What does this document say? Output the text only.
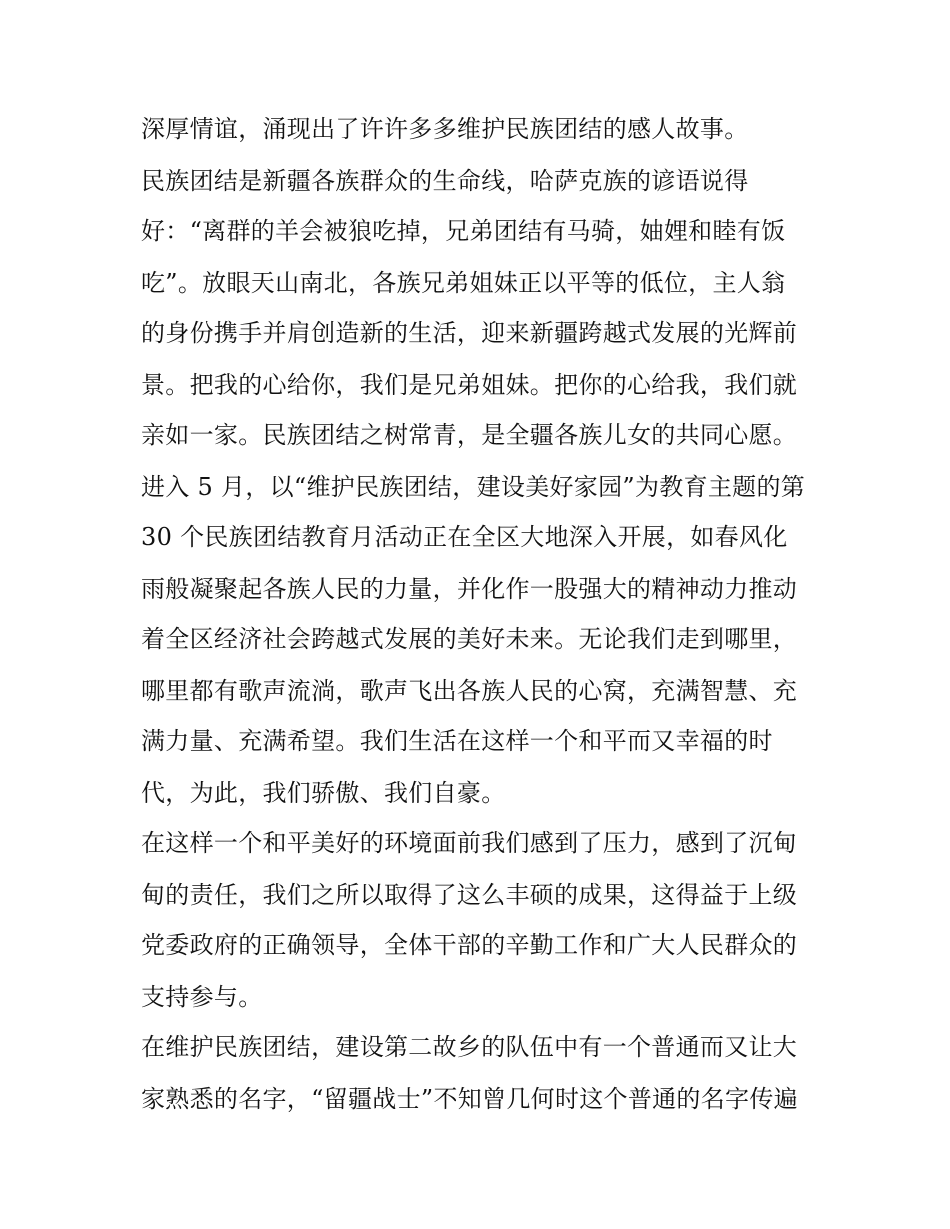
深厚情谊，涌现出了许许多多维护民族团结的感人故事。
民族团结是新疆各族群众的生命线，哈萨克族的谚语说得
好：“离群的羊会被狼吃掉，兄弟团结有马骑，妯娌和睦有饭
吃”。放眼天山南北，各族兄弟姐妹正以平等的低位，主人翁
的身份携手并肩创造新的生活，迎来新疆跨越式发展的光辉前
景。把我的心给你，我们是兄弟姐妹。把你的心给我，我们就
亲如一家。民族团结之树常青，是全疆各族儿女的共同心愿。
进入 5 月，以“维护民族团结，建设美好家园”为教育主题的第
30 个民族团结教育月活动正在全区大地深入开展，如春风化
雨般凝聚起各族人民的力量，并化作一股强大的精神动力推动
着全区经济社会跨越式发展的美好未来。无论我们走到哪里，
哪里都有歌声流淌，歌声飞出各族人民的心窝，充满智慧、充
满力量、充满希望。我们生活在这样一个和平而又幸福的时
代，为此，我们骄傲、我们自豪。
在这样一个和平美好的环境面前我们感到了压力，感到了沉甸
甸的责任，我们之所以取得了这么丰硕的成果，这得益于上级
党委政府的正确领导，全体干部的辛勤工作和广大人民群众的
支持参与。
在维护民族团结，建设第二故乡的队伍中有一个普通而又让大
家熟悉的名字，“留疆战士”不知曾几何时这个普通的名字传遍
